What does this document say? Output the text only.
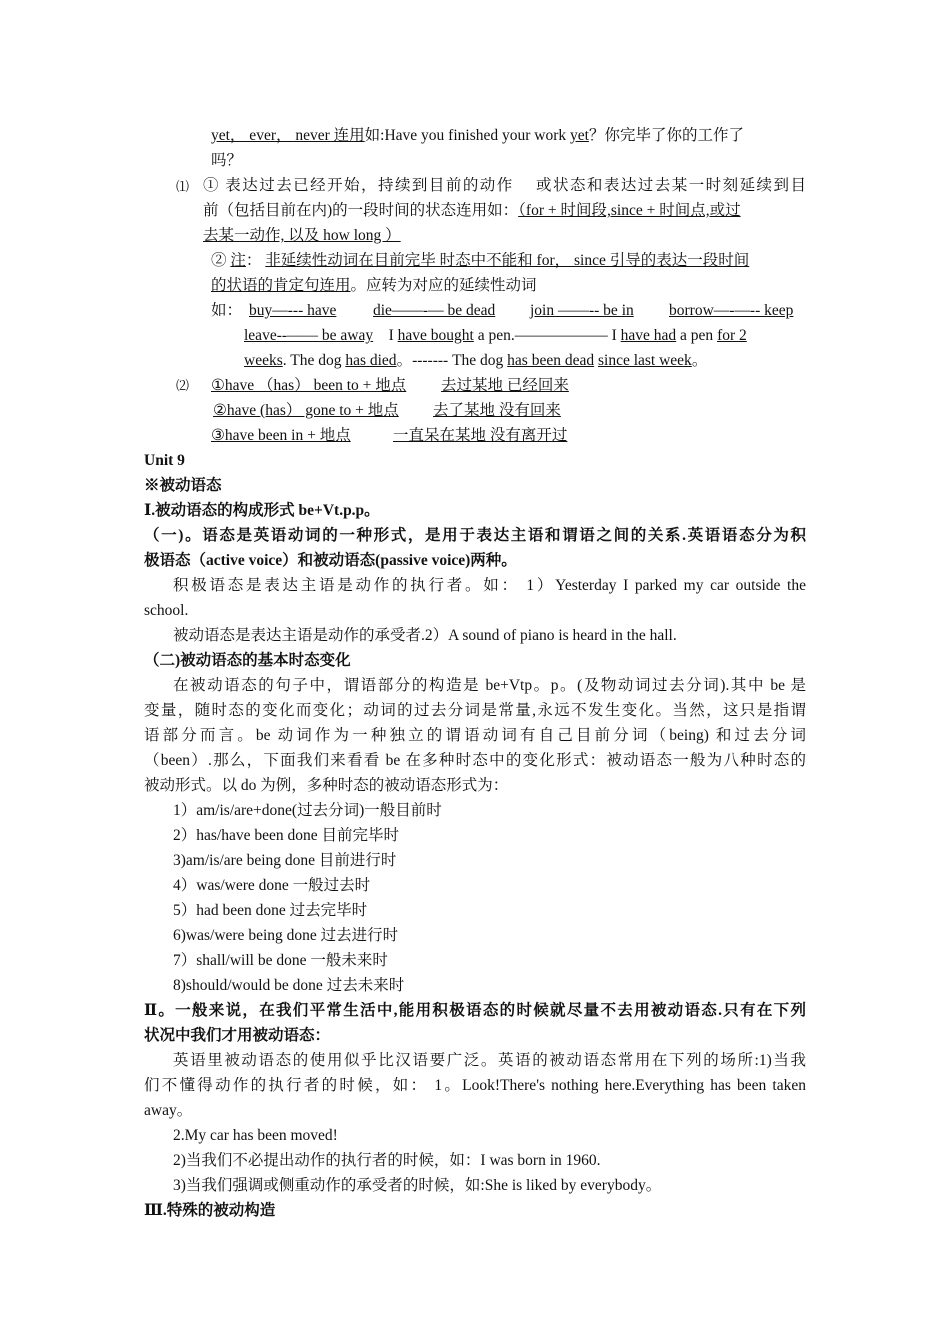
yet， ever， never 连用如:Have you finished your work yet？你完毕了你的工作了
吗？
⑴ ① 表达过去已经开始，持续到目前的动作　 或状态和表达过去某一时刻延续到目
前（包括目前在内)的一段时间的状态连用如：（for + 时间段,since + 时间点,或过
去某一动作, 以及 how long ）
② 注： 非延续性动词在目前完毕 时态中不能和 for， since 引导的表达一段时间
的状语的肯定句连用。应转为对应的延续性动词
如： buy—--- have die——-— be dead join ——-- be in borrow—-—-- keep
leave--—— be away I have bought a pen.—————— I have had a pen for 2
weeks. The dog has died。------- The dog has been dead since last week。
⑵ ①have （has） been to + 地点 去过某地 已经回来
②have (has） gone to + 地点 去了某地 没有回来
③have been in + 地点	一直呆在某地 没有离开过
Unit 9
※被动语态
Ⅰ.被动语态的构成形式 be+Vt.p.p。
（一)。语态是英语动词的一种形式，是用于表达主语和谓语之间的关系.英语语态分为积
极语态（active voice）和被动语态(passive voice)两种。
积极语态是表达主语是动作的执行者。如： 1）Yesterday I parked my car outside the
school.
被动语态是表达主语是动作的承受者.2）A sound of piano is heard in the hall.
（二)被动语态的基本时态变化
在被动语态的句子中，谓语部分的构造是 be+Vtp。p。(及物动词过去分词).其中 be 是
变量，随时态的变化而变化；动词的过去分词是常量,永远不发生变化。当然，这只是指谓
语部分而言。be 动词作为一种独立的谓语动词有自己目前分词（being) 和过去分词
（been）.那么，下面我们来看看 be 在多种时态中的变化形式：被动语态一般为八种时态的
被动形式。以 do 为例，多种时态的被动语态形式为：
1）am/is/are+done(过去分词)一般目前时
2）has/have been done 目前完毕时
3)am/is/are being done 目前进行时
4）was/were done 一般过去时
5）had been done 过去完毕时
6)was/were being done 过去进行时
7）shall/will be done 一般未来时
8)should/would be done 过去未来时
Ⅱ。一般来说，在我们平常生活中,能用积极语态的时候就尽量不去用被动语态.只有在下列
状况中我们才用被动语态：
英语里被动语态的使用似乎比汉语要广泛。英语的被动语态常用在下列的场所:1)当我
们不懂得动作的执行者的时候，如： 1。Look!There's nothing here.Everything has been taken
away。
2.My car has been moved!
2)当我们不必提出动作的执行者的时候，如：I was born in 1960.
3)当我们强调或侧重动作的承受者的时候，如:She is liked by everybody。
Ⅲ.特殊的被动构造
